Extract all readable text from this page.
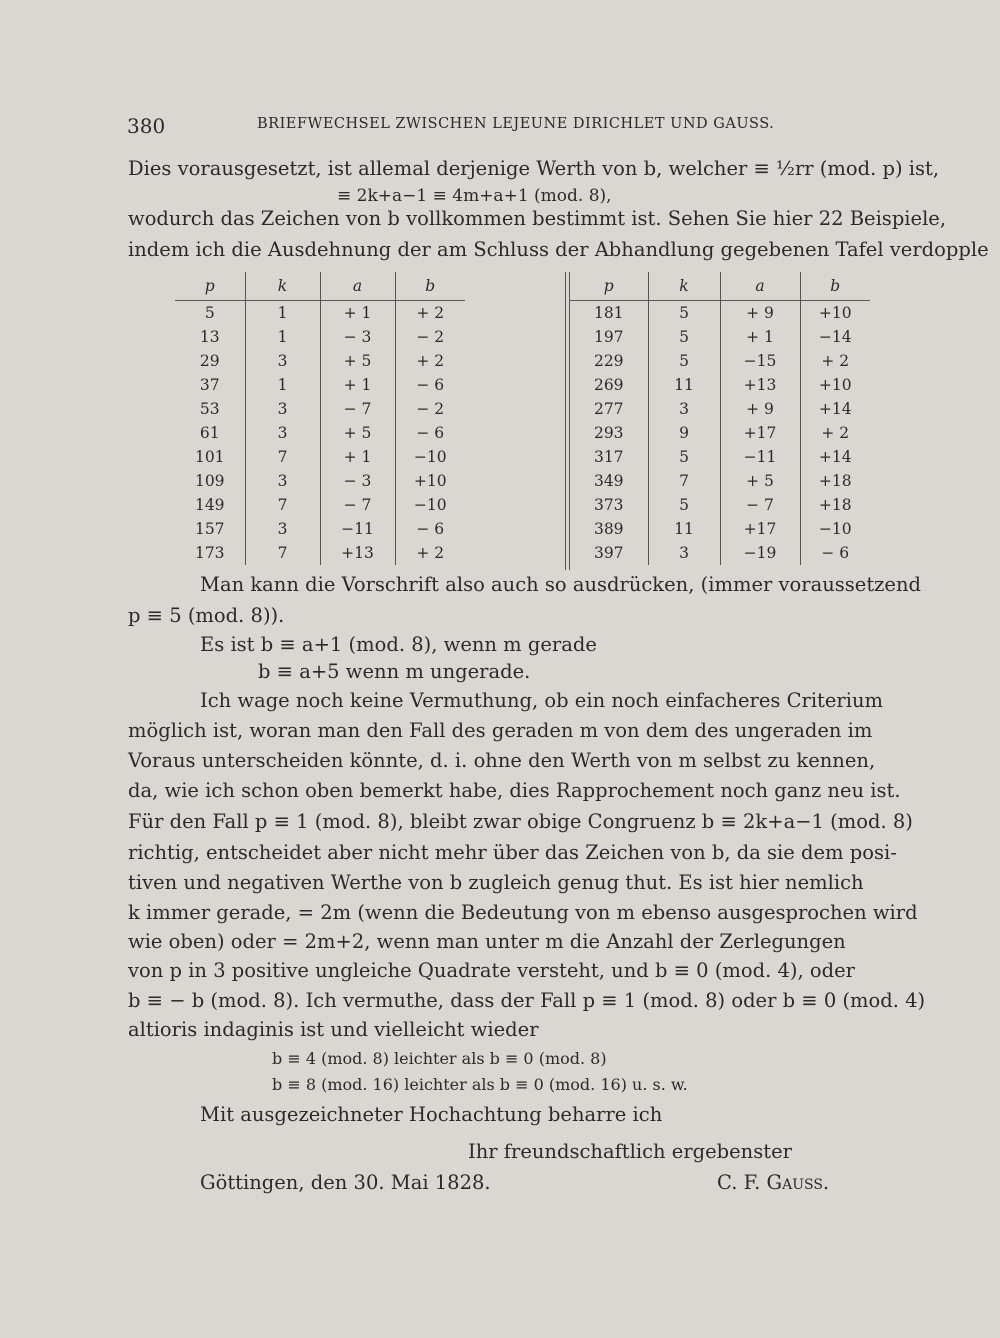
380	BRIEFWECHSEL ZWISCHEN LEJEUNE DIRICHLET UND GAUSS.
Dies vorausgesetzt, ist allemal derjenige Werth von b, welcher ≡ ½rr (mod. p) ist,
≡ 2k+a−1 ≡ 4m+a+1 (mod. 8),
wodurch das Zeichen von b vollkommen bestimmt ist. Sehen Sie hier 22 Beispiele,
indem ich die Ausdehnung der am Schluss der Abhandlung gegebenen Tafel verdopple
p	k	a	b
5	1	+ 1	+ 2
13	1	− 3	− 2
29	3	+ 5	+ 2
37	1	+ 1	− 6
53	3	− 7	− 2
61	3	+ 5	− 6
101	7	+ 1	−10
109	3	− 3	+10
149	7	− 7	−10
157	3	−11	− 6
173	7	+13	+ 2
p	k	a	b
181	5	+ 9	+10
197	5	+ 1	−14
229	5	−15	+ 2
269	11	+13	+10
277	3	+ 9	+14
293	9	+17	+ 2
317	5	−11	+14
349	7	+ 5	+18
373	5	− 7	+18
389	11	+17	−10
397	3	−19	− 6
Man kann die Vorschrift also auch so ausdrücken, (immer voraussetzend
p ≡ 5 (mod. 8)).
Es ist b ≡ a+1 (mod. 8), wenn m gerade
b ≡ a+5 wenn m ungerade.
Ich wage noch keine Vermuthung, ob ein noch einfacheres Criterium
möglich ist, woran man den Fall des geraden m von dem des ungeraden im
Voraus unterscheiden könnte, d. i. ohne den Werth von m selbst zu kennen,
da, wie ich schon oben bemerkt habe, dies Rapprochement noch ganz neu ist.
Für den Fall p ≡ 1 (mod. 8), bleibt zwar obige Congruenz b ≡ 2k+a−1 (mod. 8)
richtig, entscheidet aber nicht mehr über das Zeichen von b, da sie dem posi-
tiven und negativen Werthe von b zugleich genug thut. Es ist hier nemlich
k immer gerade, = 2m (wenn die Bedeutung von m ebenso ausgesprochen wird
wie oben) oder = 2m+2, wenn man unter m die Anzahl der Zerlegungen
von p in 3 positive ungleiche Quadrate versteht, und b ≡ 0 (mod. 4), oder
b ≡ − b (mod. 8). Ich vermuthe, dass der Fall p ≡ 1 (mod. 8) oder b ≡ 0 (mod. 4)
altioris indaginis ist und vielleicht wieder
b ≡ 4 (mod. 8) leichter als b ≡ 0 (mod. 8)
b ≡ 8 (mod. 16) leichter als b ≡ 0 (mod. 16) u. s. w.
Mit ausgezeichneter Hochachtung beharre ich
Ihr freundschaftlich ergebenster
Göttingen, den 30. Mai 1828.	C. F. Gauss.
